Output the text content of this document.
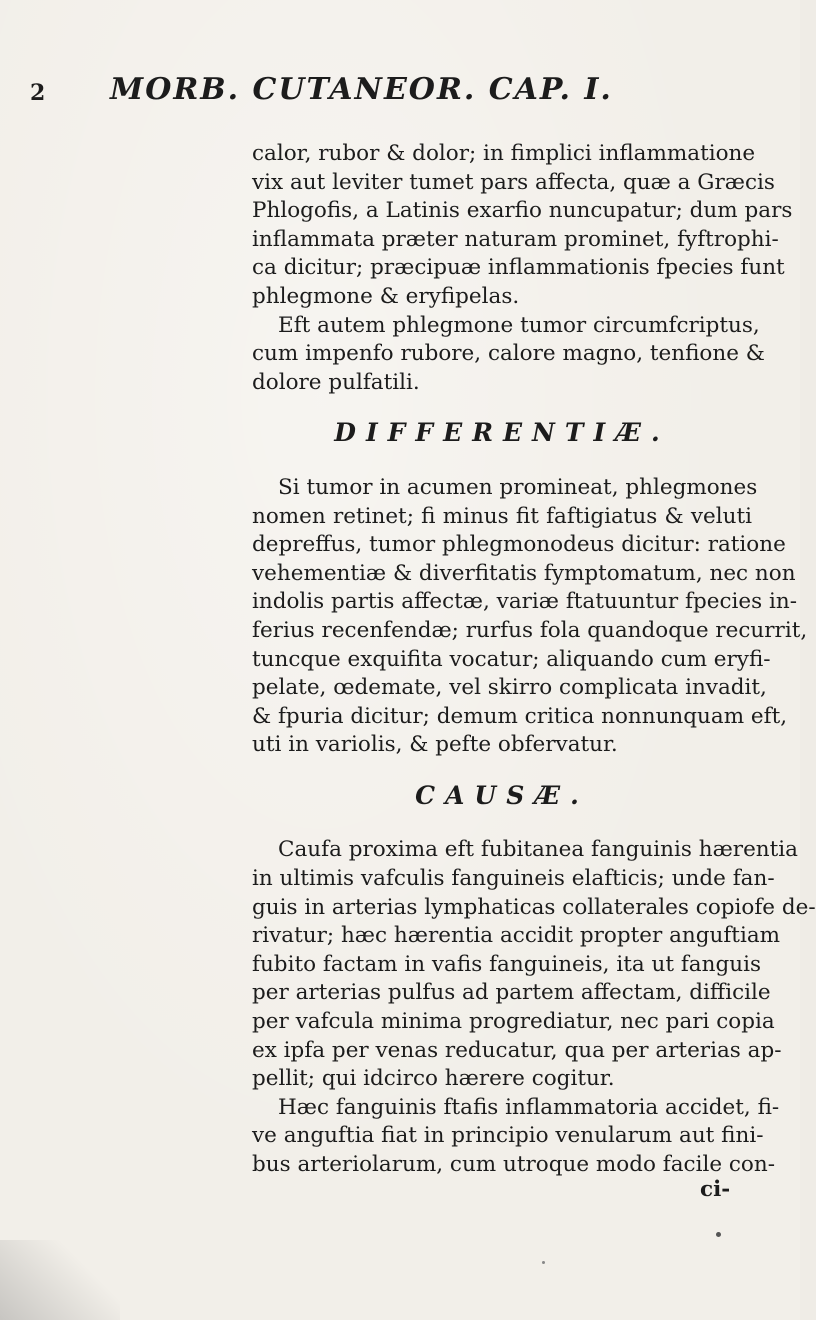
2 MORB. CUTANEOR. CAP. I.
calor, rubor & dolor; in fimplici inflammatione
vix aut leviter tumet pars affecta, quæ a Græcis
Phlogofis, a Latinis exarfio nuncupatur; dum pars
inflammata præter naturam prominet, fyftrophi-
ca dicitur; præcipuæ inflammationis fpecies funt
phlegmone & eryfipelas.
Eft autem phlegmone tumor circumfcriptus,
cum impenfo rubore, calore magno, tenfione &
dolore pulfatili.
DIFFERENTIÆ.
Si tumor in acumen promineat, phlegmones
nomen retinet; fi minus fit faftigiatus & veluti
depreffus, tumor phlegmonodeus dicitur: ratione
vehementiæ & diverfitatis fymptomatum, nec non
indolis partis affectæ, variæ ftatuuntur fpecies in-
ferius recenfendæ; rurfus fola quandoque recurrit,
tuncque exquifita vocatur; aliquando cum eryfi-
pelate, œdemate, vel skirro complicata invadit,
& fpuria dicitur; demum critica nonnunquam eft,
uti in variolis, & pefte obfervatur.
CAUSÆ.
Caufa proxima eft fubitanea fanguinis hærentia
in ultimis vafculis fanguineis elafticis; unde fan-
guis in arterias lymphaticas collaterales copiofe de-
rivatur; hæc hærentia accidit propter anguftiam
fubito factam in vafis fanguineis, ita ut fanguis
per arterias pulfus ad partem affectam, difficile
per vafcula minima progrediatur, nec pari copia
ex ipfa per venas reducatur, qua per arterias ap-
pellit; qui idcirco hærere cogitur.
Hæc fanguinis ftafis inflammatoria accidet, fi-
ve anguftia fiat in principio venularum aut fini-
bus arteriolarum, cum utroque modo facile con-
ci-
